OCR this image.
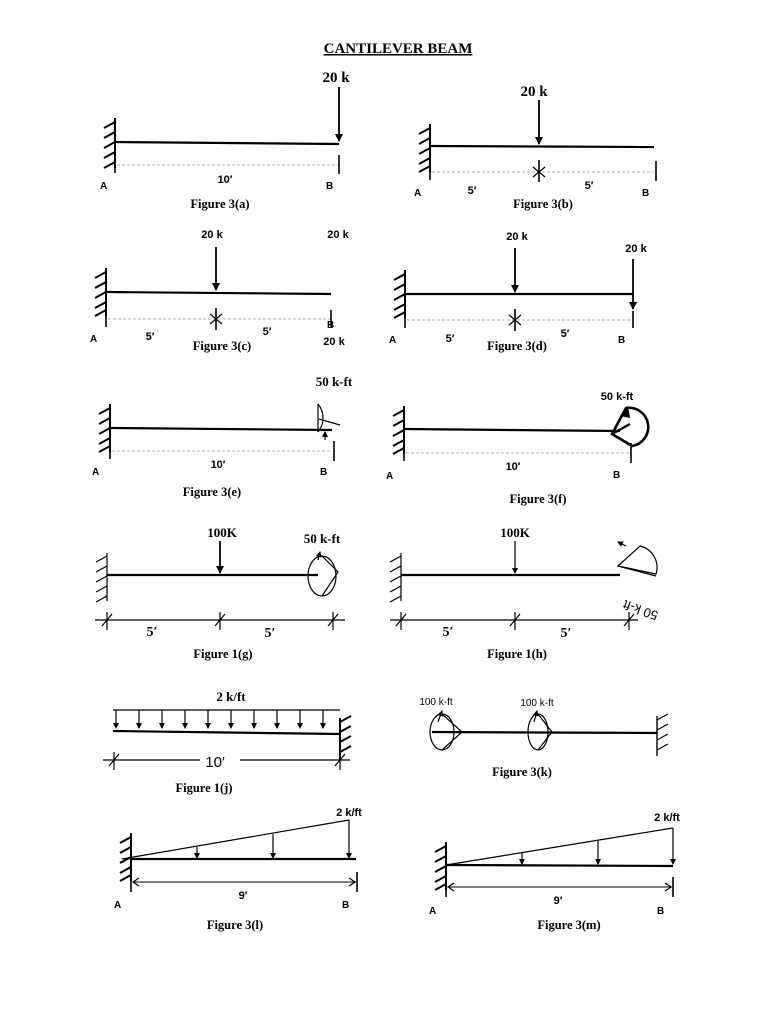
CANTILEVER BEAM
20 k
10′
A	B
Figure 3(a)
20 k
5′	5′
A	B
Figure 3(b)
20 k	20 k
5′	5′
A
B
20 k
Figure 3(c)
20 k
20 k
5′	5′
A	B
Figure 3(d)
50 k-ft
10′
A	B
Figure 3(e)
50 k-ft
10′
A	B
Figure 3(f)
100K	50 k-ft
5′	5′
Figure 1(g)
100K
50 k-ft
5′	5′
Figure 1(h)
2 k/ft
10′
Figure 1(j)
100 k-ft	100 k-ft
Figure 3(k)
2 k/ft
9′
A	B
Figure 3(l)
2 k/ft
9′
A	B
Figure 3(m)
